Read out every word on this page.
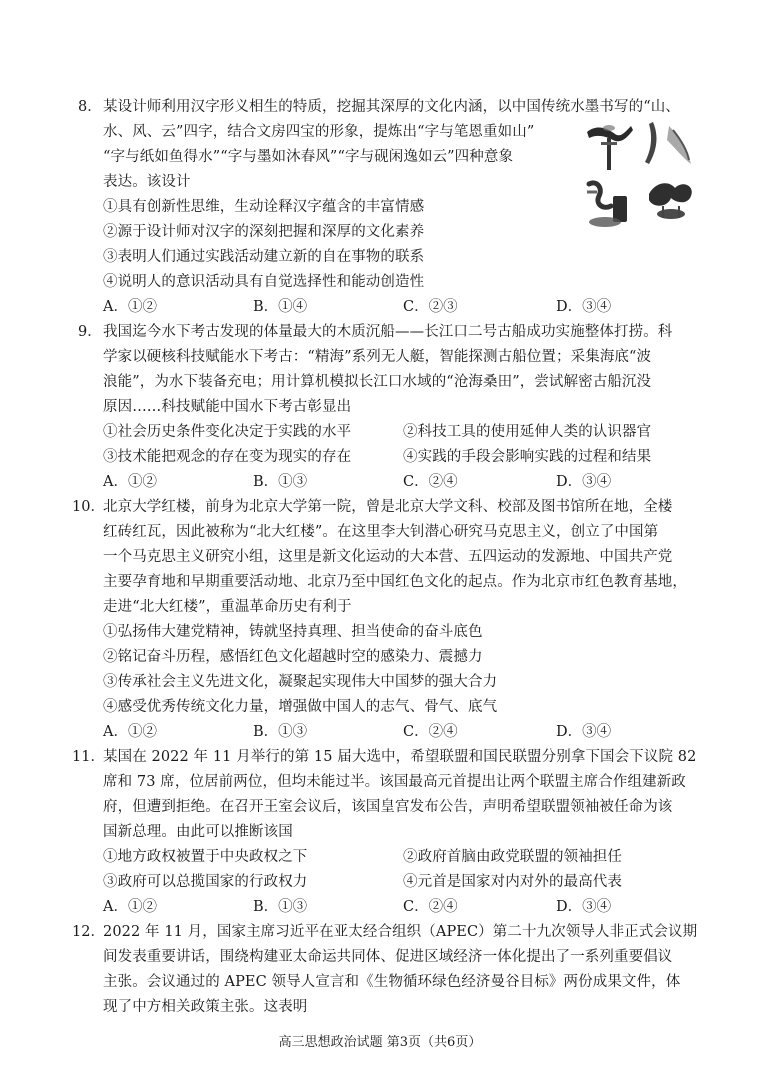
8． 某设计师利用汉字形义相生的特质，挖掘其深厚的文化内涵，以中国传统水墨书写的“山、
水、风、云”四字，结合文房四宝的形象，提炼出“字与笔恩重如山”
“字与纸如鱼得水”“字与墨如沐春风”“字与砚闲逸如云”四种意象
表达。该设计
①具有创新性思维，生动诠释汉字蕴含的丰富情感
②源于设计师对汉字的深刻把握和深厚的文化素养
③表明人们通过实践活动建立新的自在事物的联系
④说明人的意识活动具有自觉选择性和能动创造性
A．①②	B．①④	C．②③	D．③④
9． 我国迄今水下考古发现的体量最大的木质沉船——长江口二号古船成功实施整体打捞。科
学家以硬核科技赋能水下考古：“精海”系列无人艇，智能探测古船位置；采集海底“波
浪能”，为水下装备充电；用计算机模拟长江口水域的“沧海桑田”，尝试解密古船沉没
原因……科技赋能中国水下考古彰显出
①社会历史条件变化决定于实践的水平	②科技工具的使用延伸人类的认识器官
③技术能把观念的存在变为现实的存在	④实践的手段会影响实践的过程和结果
A．①②	B．①③	C．②④	D．③④
10．
北京大学红楼，前身为北京大学第一院，曾是北京大学文科、校部及图书馆所在地，全楼
红砖红瓦，因此被称为“北大红楼”。在这里李大钊潜心研究马克思主义，创立了中国第
一个马克思主义研究小组，这里是新文化运动的大本营、五四运动的发源地、中国共产党
主要孕育地和早期重要活动地、北京乃至中国红色文化的起点。作为北京市红色教育基地，
走进“北大红楼”，重温革命历史有利于
①弘扬伟大建党精神，铸就坚持真理、担当使命的奋斗底色
②铭记奋斗历程，感悟红色文化超越时空的感染力、震撼力
③传承社会主义先进文化，凝聚起实现伟大中国梦的强大合力
④感受优秀传统文化力量，增强做中国人的志气、骨气、底气
A．①②	B．①③	C．②④	D．③④
11．
某国在 2022 年 11 月举行的第 15 届大选中，希望联盟和国民联盟分别拿下国会下议院 82
席和 73 席，位居前两位，但均未能过半。该国最高元首提出让两个联盟主席合作组建新政
府，但遭到拒绝。在召开王室会议后，该国皇宫发布公告，声明希望联盟领袖被任命为该
国新总理。由此可以推断该国
①地方政权被置于中央政权之下	②政府首脑由政党联盟的领袖担任
③政府可以总揽国家的行政权力	④元首是国家对内对外的最高代表
A．①②	B．①③	C．②④	D．③④
12．
2022 年 11 月，国家主席习近平在亚太经合组织（APEC）第二十九次领导人非正式会议期
间发表重要讲话，围绕构建亚太命运共同体、促进区域经济一体化提出了一系列重要倡议
主张。会议通过的 APEC 领导人宣言和《生物循环绿色经济曼谷目标》两份成果文件，体
现了中方相关政策主张。这表明
高三思想政治试题 第3页（共6页）
